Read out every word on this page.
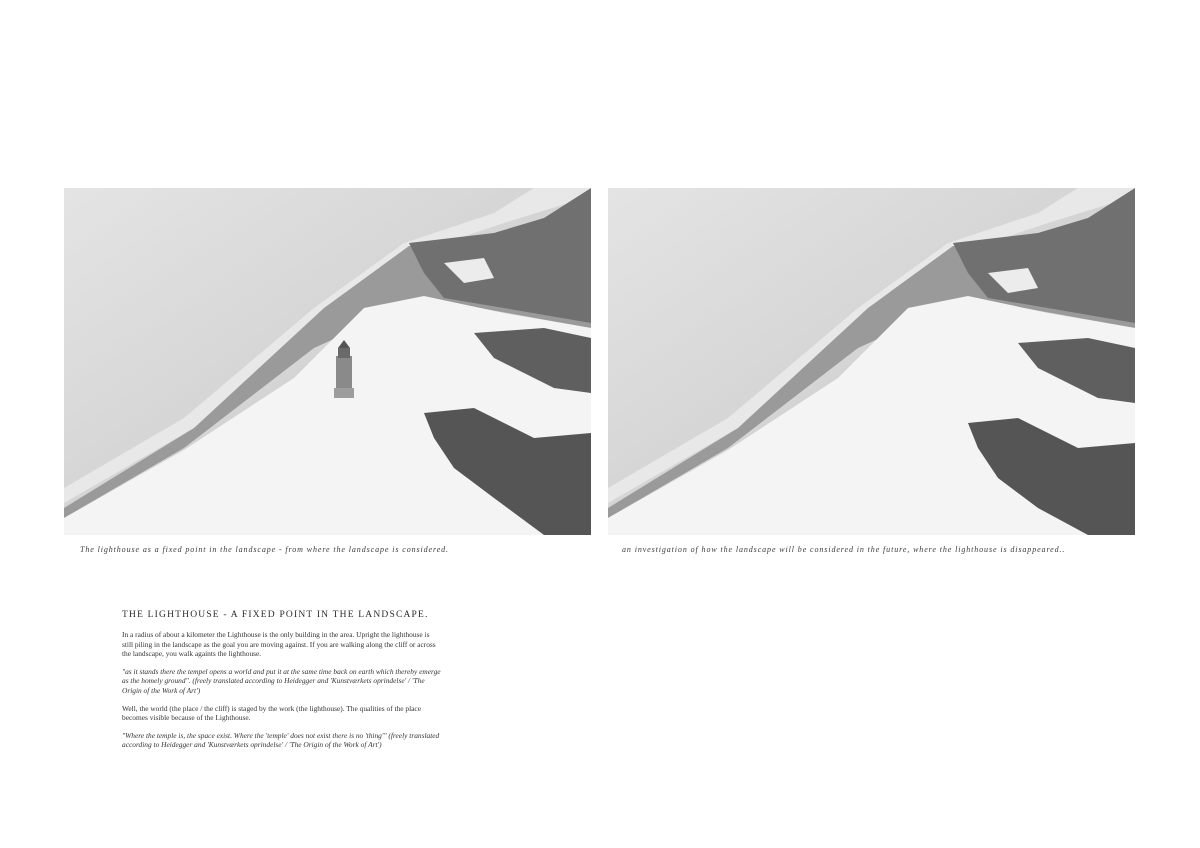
The lighthouse as a fixed point in the landscape - from where the landscape is considered.	an investigation of how the landscape will be considered in the future, where the lighthouse is disappeared..

THE LIGHTHOUSE - A FIXED POINT IN THE LANDSCAPE.

In a radius of about a kilometer the Lighthouse is the only building in the area. Upright the lighthouse is still piling in the landscape as the goal you are moving against. If you are walking along the cliff or across the landscape, you walk againts the lighthouse.

"as it stands there the tempel opens a world and put it at the same time back on earth which thereby emerge as the homely ground". (freely translated according to Heidegger and 'Kunstværkets oprindelse' / 'The Origin of the Work of Art')

Well, the world (the place / the cliff) is staged by the work (the lighthouse). The qualities of the place becomes visible because of the Lighthouse.

"Where the temple is, the space exist. Where the 'temple' does not exist there is no 'thing'" (freely translated according to Heidegger and 'Kunstværkets oprindelse' / 'The Origin of the Work of Art')
